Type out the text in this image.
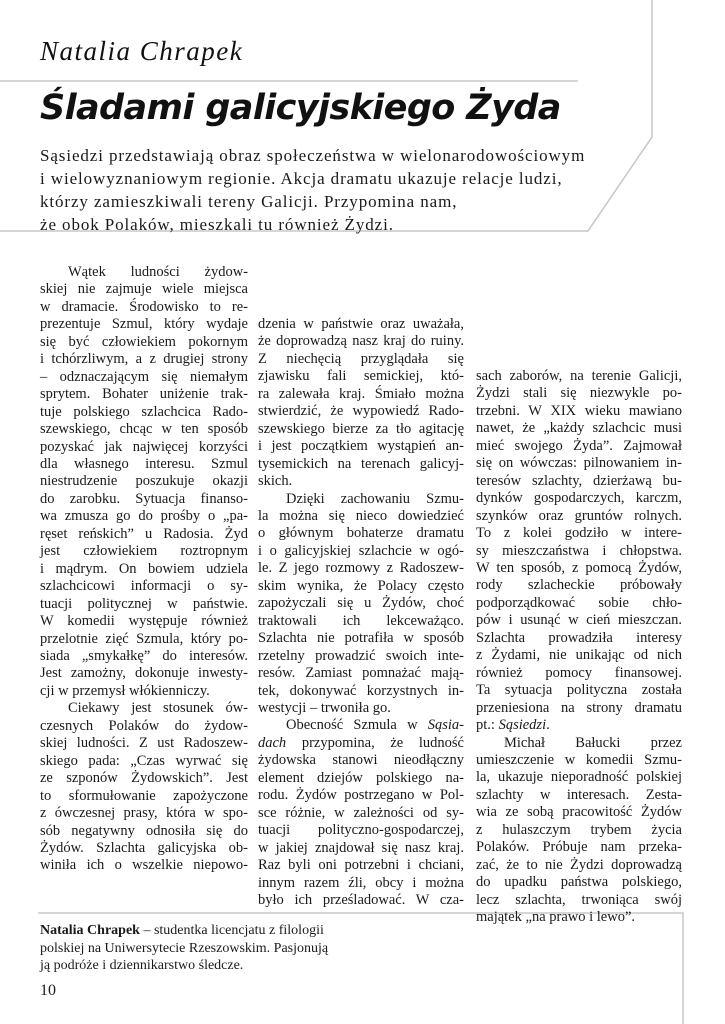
Natalia Chrapek
Śladami galicyjskiego Żyda
Sąsiedzi przedstawiają obraz społeczeństwa w wielonarodowościowym
i wielowyznaniowym regionie. Akcja dramatu ukazuje relacje ludzi,
którzy zamieszkiwali tereny Galicji. Przypomina nam,
że obok Polaków, mieszkali tu również Żydzi.
Wątek ludności żydow-
skiej nie zajmuje wiele miejsca
w dramacie. Środowisko to re-
prezentuje Szmul, który wydaje
się być człowiekiem pokornym
i tchórzliwym, a z drugiej strony
– odznaczającym się niemałym
sprytem. Bohater uniżenie trak-
tuje polskiego szlachcica Rado-
szewskiego, chcąc w ten sposób
pozyskać jak najwięcej korzyści
dla własnego interesu. Szmul
niestrudzenie poszukuje okazji
do zarobku. Sytuacja finanso-
wa zmusza go do prośby o „pa-
ręset reńskich” u Radosia. Żyd
jest człowiekiem roztropnym
i mądrym. On bowiem udziela
szlachcicowi informacji o sy-
tuacji politycznej w państwie.
W komedii występuje również
przelotnie zięć Szmula, który po-
siada „smykałkę” do interesów.
Jest zamożny, dokonuje inwesty-
cji w przemysł włókienniczy.
Ciekawy jest stosunek ów-
czesnych Polaków do żydow-
skiej ludności. Z ust Radoszew-
skiego pada: „Czas wyrwać się
ze szponów Żydowskich”. Jest
to sformułowanie zapożyczone
z ówczesnej prasy, która w spo-
sób negatywny odnosiła się do
Żydów. Szlachta galicyjska ob-
winiła ich o wszelkie niepowo-
dzenia w państwie oraz uważała,
że doprowadzą nasz kraj do ruiny.
Z niechęcią przyglądała się
zjawisku fali semickiej, któ-
ra zalewała kraj. Śmiało można
stwierdzić, że wypowiedź Rado-
szewskiego bierze za tło agitację
i jest początkiem wystąpień an-
tysemickich na terenach galicyj-
skich.
Dzięki zachowaniu Szmu-
la można się nieco dowiedzieć
o głównym bohaterze dramatu
i o galicyjskiej szlachcie w ogó-
le. Z jego rozmowy z Radoszew-
skim wynika, że Polacy często
zapożyczali się u Żydów, choć
traktowali ich lekceważąco.
Szlachta nie potrafiła w sposób
rzetelny prowadzić swoich inte-
resów. Zamiast pomnażać mają-
tek, dokonywać korzystnych in-
westycji – trwoniła go.
Obecność Szmula w Sąsia-
dach przypomina, że ludność
żydowska stanowi nieodłączny
element dziejów polskiego na-
rodu. Żydów postrzegano w Pol-
sce różnie, w zależności od sy-
tuacji polityczno-gospodarczej,
w jakiej znajdował się nasz kraj.
Raz byli oni potrzebni i chciani,
innym razem źli, obcy i można
było ich prześladować. W cza-
sach zaborów, na terenie Galicji,
Żydzi stali się niezwykle po-
trzebni. W XIX wieku mawiano
nawet, że „każdy szlachcic musi
mieć swojego Żyda”. Zajmował
się on wówczas: pilnowaniem in-
teresów szlachty, dzierżawą bu-
dynków gospodarczych, karczm,
szynków oraz gruntów rolnych.
To z kolei godziło w intere-
sy mieszczaństwa i chłopstwa.
W ten sposób, z pomocą Żydów,
rody szlacheckie próbowały
podporządkować sobie chło-
pów i usunąć w cień mieszczan.
Szlachta prowadziła interesy
z Żydami, nie unikając od nich
również pomocy finansowej.
Ta sytuacja polityczna została
przeniesiona na strony dramatu
pt.: Sąsiedzi.
Michał Bałucki przez
umieszczenie w komedii Szmu-
la, ukazuje nieporadność polskiej
szlachty w interesach. Zesta-
wia ze sobą pracowitość Żydów
z hulaszczym trybem życia
Polaków. Próbuje nam przeka-
zać, że to nie Żydzi doprowadzą
do upadku państwa polskiego,
lecz szlachta, trwoniąca swój
majątek „na prawo i lewo”.
Natalia Chrapek – studentka licencjatu z filologii
polskiej na Uniwersytecie Rzeszowskim. Pasjonują
ją podróże i dziennikarstwo śledcze.
10
